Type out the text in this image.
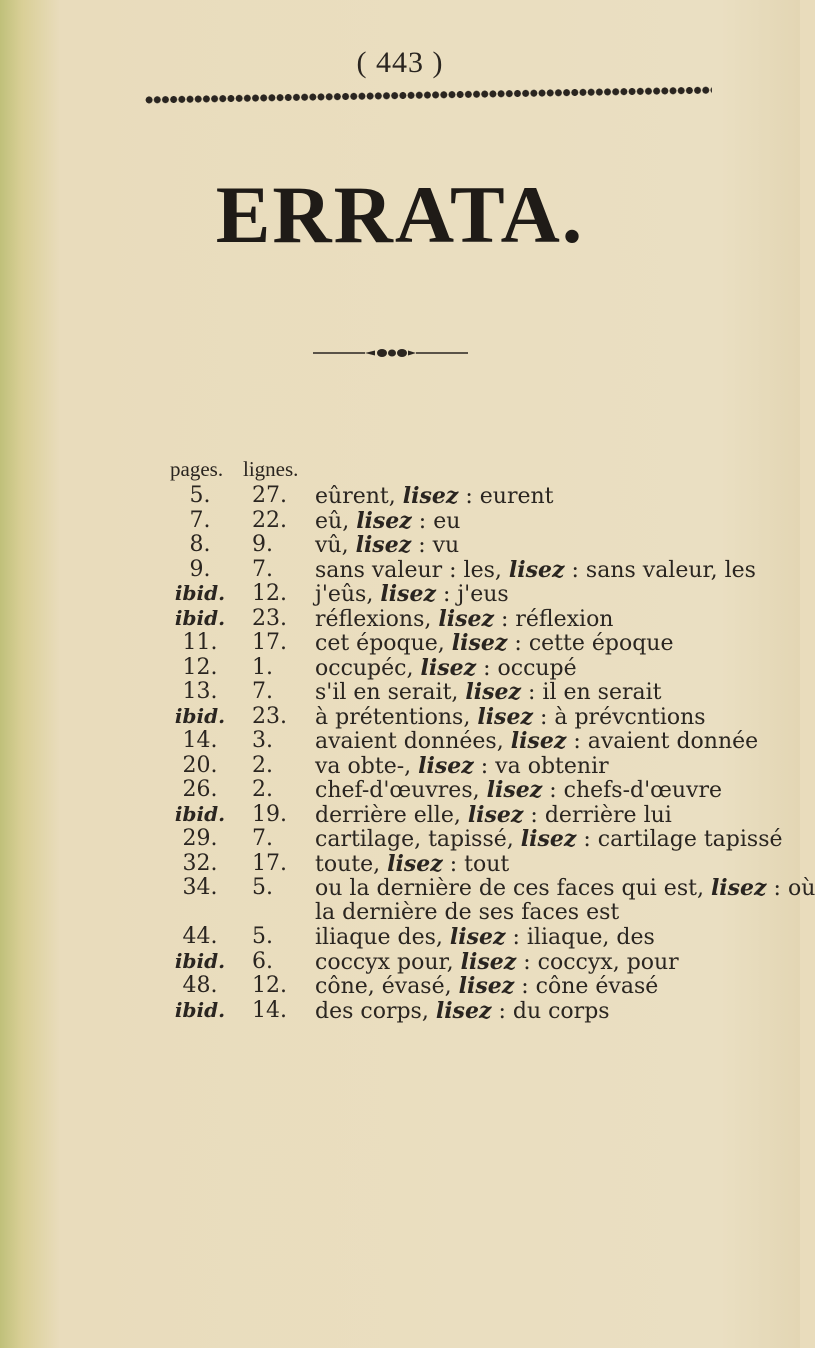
( 443 )
ERRATA.
pages. lignes.
5.	27.	eûrent, lisez : eurent
7.	22.	eû, lisez : eu
8.	9.	vû, lisez : vu
9.	7.	sans valeur : les, lisez : sans valeur, les
ibid. 12.	j'eûs, lisez : j'eus
ibid. 23.	réflexions, lisez : réflexion
11.	17.	cet époque, lisez : cette époque
12.	1.	occupéc, lisez : occupé
13.	7.	s'il en serait, lisez : il en serait
ibid. 23.	à prétentions, lisez : à prévcntions
14.	3.	avaient données, lisez : avaient donnée
20.	2.	va obte-, lisez : va obtenir
26.	2.	chef-d'œuvres, lisez : chefs-d'œuvre
ibid. 19.	derrière elle, lisez : derrière lui
29.	7.	cartilage, tapissé, lisez : cartilage tapissé
32.	17.	toute, lisez : tout
34.	5.	ou la dernière de ces faces qui est, lisez : où
la dernière de ses faces est
44.	5.	iliaque des, lisez : iliaque, des
ibid. 6.	coccyx pour, lisez : coccyx, pour
48.	12.	cône, évasé, lisez : cône évasé
ibid. 14.	des corps, lisez : du corps
